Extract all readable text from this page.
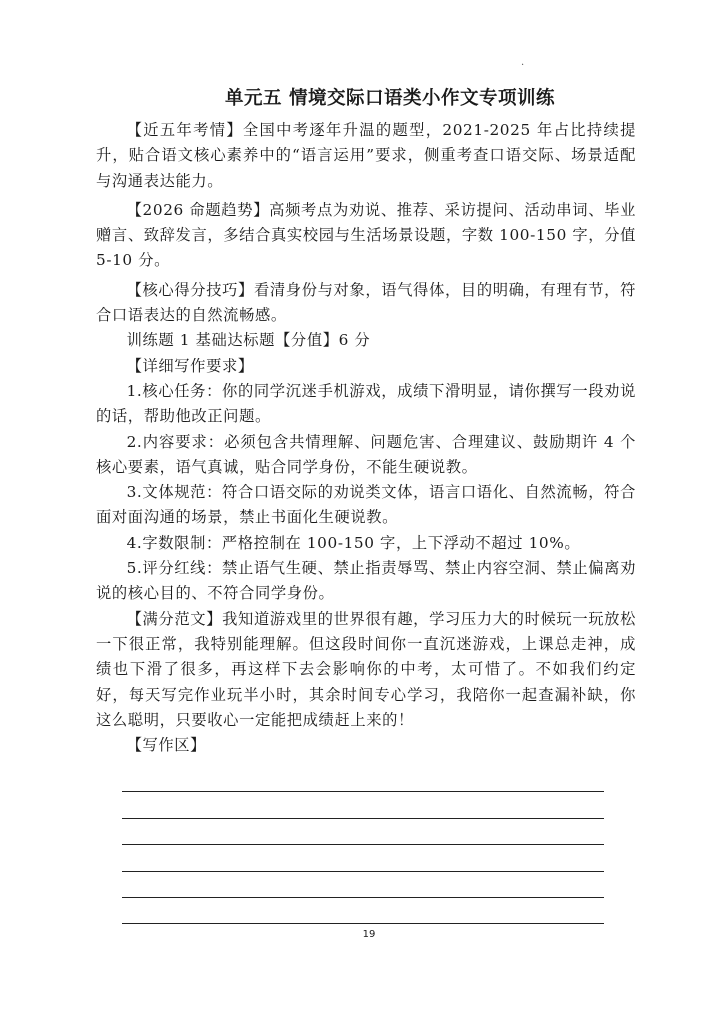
.
单元五 情境交际口语类小作文专项训练

【近五年考情】全国中考逐年升温的题型，2021-2025 年占比持续提升，贴合语文核心素养中的“语言运用”要求，侧重考查口语交际、场景适配与沟通表达能力。

【2026 命题趋势】高频考点为劝说、推荐、采访提问、活动串词、毕业赠言、致辞发言，多结合真实校园与生活场景设题，字数 100-150 字，分值 5-10 分。

【核心得分技巧】看清身份与对象，语气得体，目的明确，有理有节，符合口语表达的自然流畅感。

训练题 1 基础达标题【分值】6 分

【详细写作要求】

1.核心任务：你的同学沉迷手机游戏，成绩下滑明显，请你撰写一段劝说的话，帮助他改正问题。

2.内容要求：必须包含共情理解、问题危害、合理建议、鼓励期许 4 个核心要素，语气真诚，贴合同学身份，不能生硬说教。

3.文体规范：符合口语交际的劝说类文体，语言口语化、自然流畅，符合面对面沟通的场景，禁止书面化生硬说教。

4.字数限制：严格控制在 100-150 字，上下浮动不超过 10%。

5.评分红线：禁止语气生硬、禁止指责辱骂、禁止内容空洞、禁止偏离劝说的核心目的、不符合同学身份。

【满分范文】我知道游戏里的世界很有趣，学习压力大的时候玩一玩放松一下很正常，我特别能理解。但这段时间你一直沉迷游戏，上课总走神，成绩也下滑了很多，再这样下去会影响你的中考，太可惜了。不如我们约定好，每天写完作业玩半小时，其余时间专心学习，我陪你一起查漏补缺，你这么聪明，只要收心一定能把成绩赶上来的！

【写作区】

19
